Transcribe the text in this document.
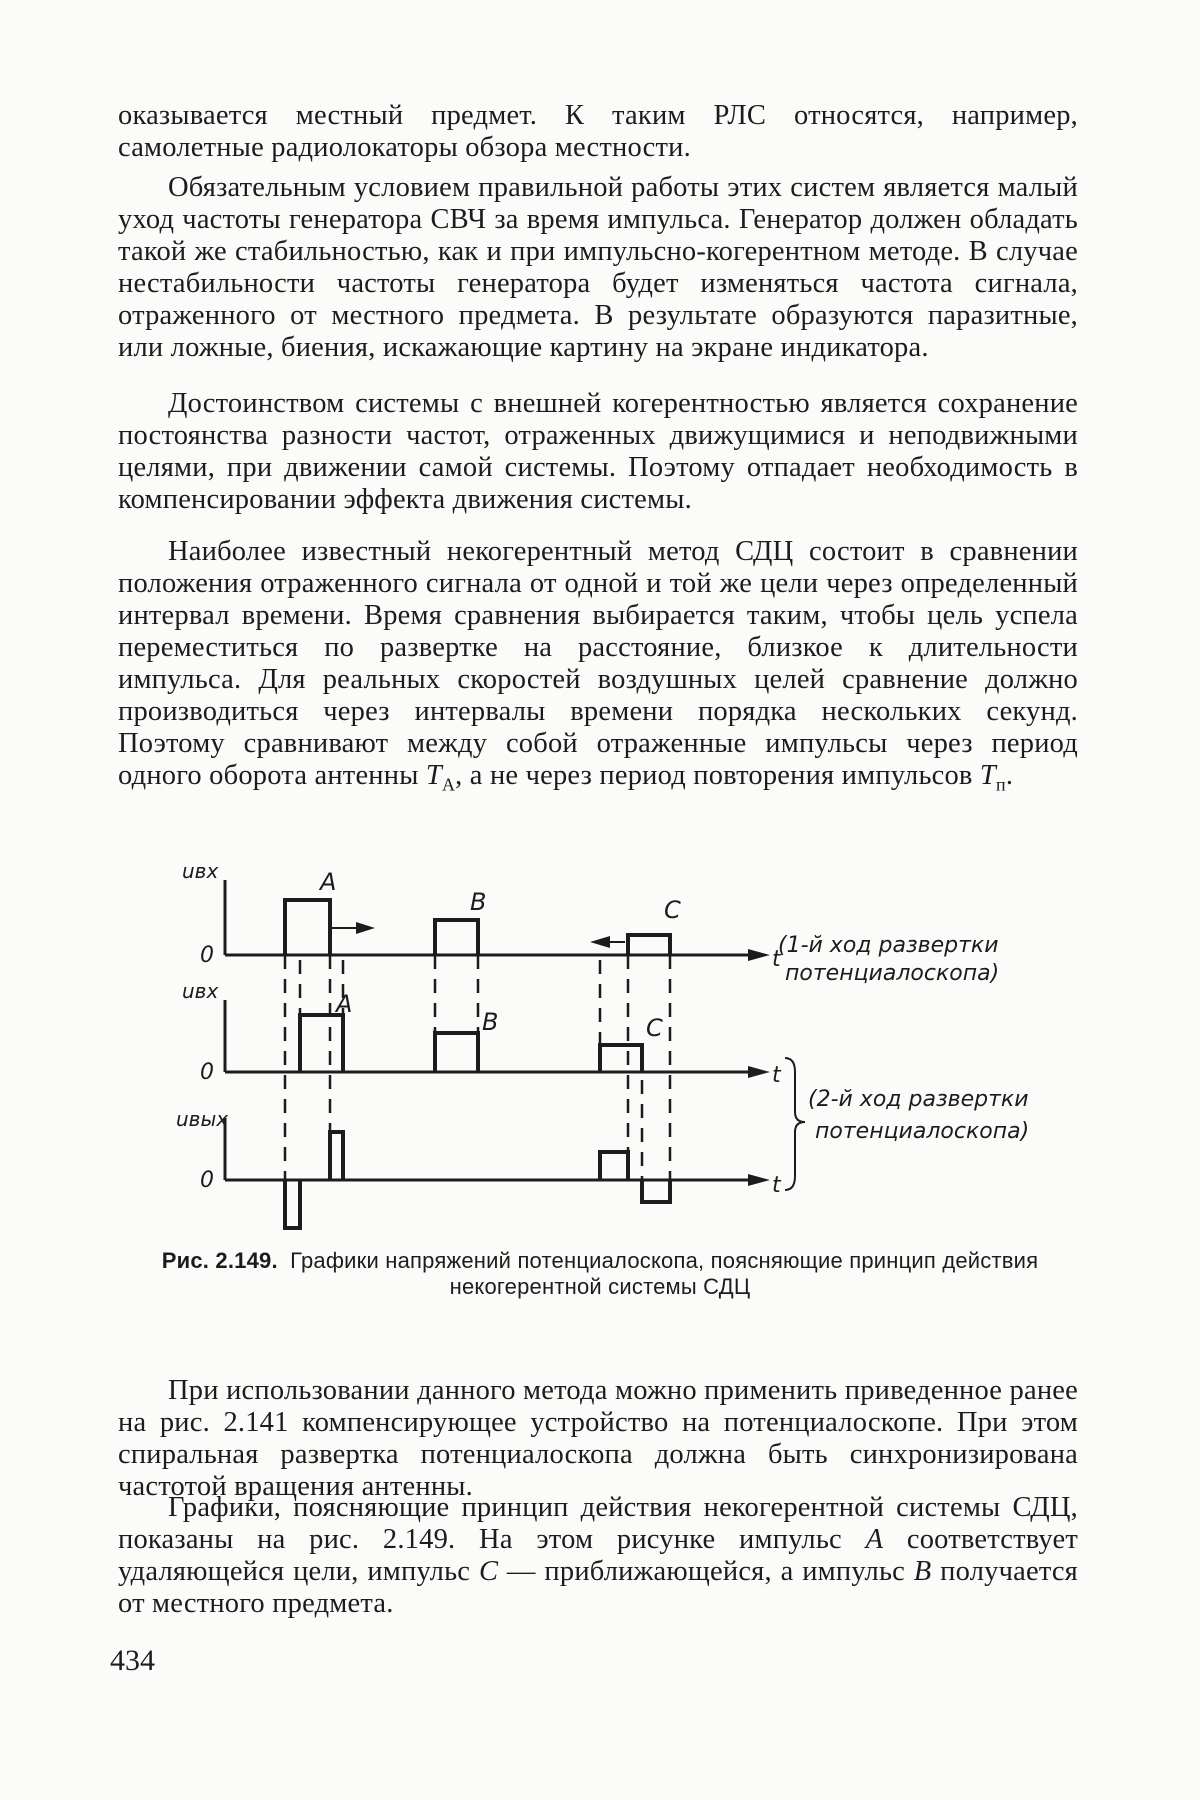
оказывается местный предмет. К таким РЛС относятся, например, самолетные радиолокаторы обзора местности.

Обязательным условием правильной работы этих систем является малый уход частоты генератора СВЧ за время импульса. Генератор должен обладать такой же стабильностью, как и при импульсно-когерентном методе. В случае нестабильности частоты генератора будет изменяться частота сигнала, отраженного от местного предмета. В результате образуются паразитные, или ложные, биения, искажающие картину на экране индикатора.

Достоинством системы с внешней когерентностью является сохранение постоянства разности частот, отраженных движущимися и неподвижными целями, при движении самой системы. Поэтому отпадает необходимость в компенсировании эффекта движения системы.

Наиболее известный некогерентный метод СДЦ состоит в сравнении положения отраженного сигнала от одной и той же цели через определенный интервал времени. Время сравнения выбирается таким, чтобы цель успела переместиться по развертке на расстояние, близкое к длительности импульса. Для реальных скоростей воздушных целей сравнение должно производиться через интервалы времени порядка нескольких секунд. Поэтому сравнивают между собой отраженные импульсы через период одного оборота антенны $T_А$, а не через период повторения импульсов $T_п$.

uвх
0	t
A
B	C
(1-й ход развертки
потенциалоскопа)
uвх
0	t
A
B	C
uвых
0	t
(2-й ход развертки
потенциалоскопа)
Рис. 2.149. Графики напряжений потенциалоскопа, поясняющие принцип действия некогерентной системы СДЦ

При использовании данного метода можно применить приведенное ранее на рис. 2.141 компенсирующее устройство на потенциалоскопе. При этом спиральная развертка потенциалоскопа должна быть синхронизирована частотой вращения антенны.

Графики, поясняющие принцип действия некогерентной системы СДЦ, показаны на рис. 2.149. На этом рисунке импульс А соответствует удаляющейся цели, импульс С — приближающейся, а импульс В получается от местного предмета.

434
